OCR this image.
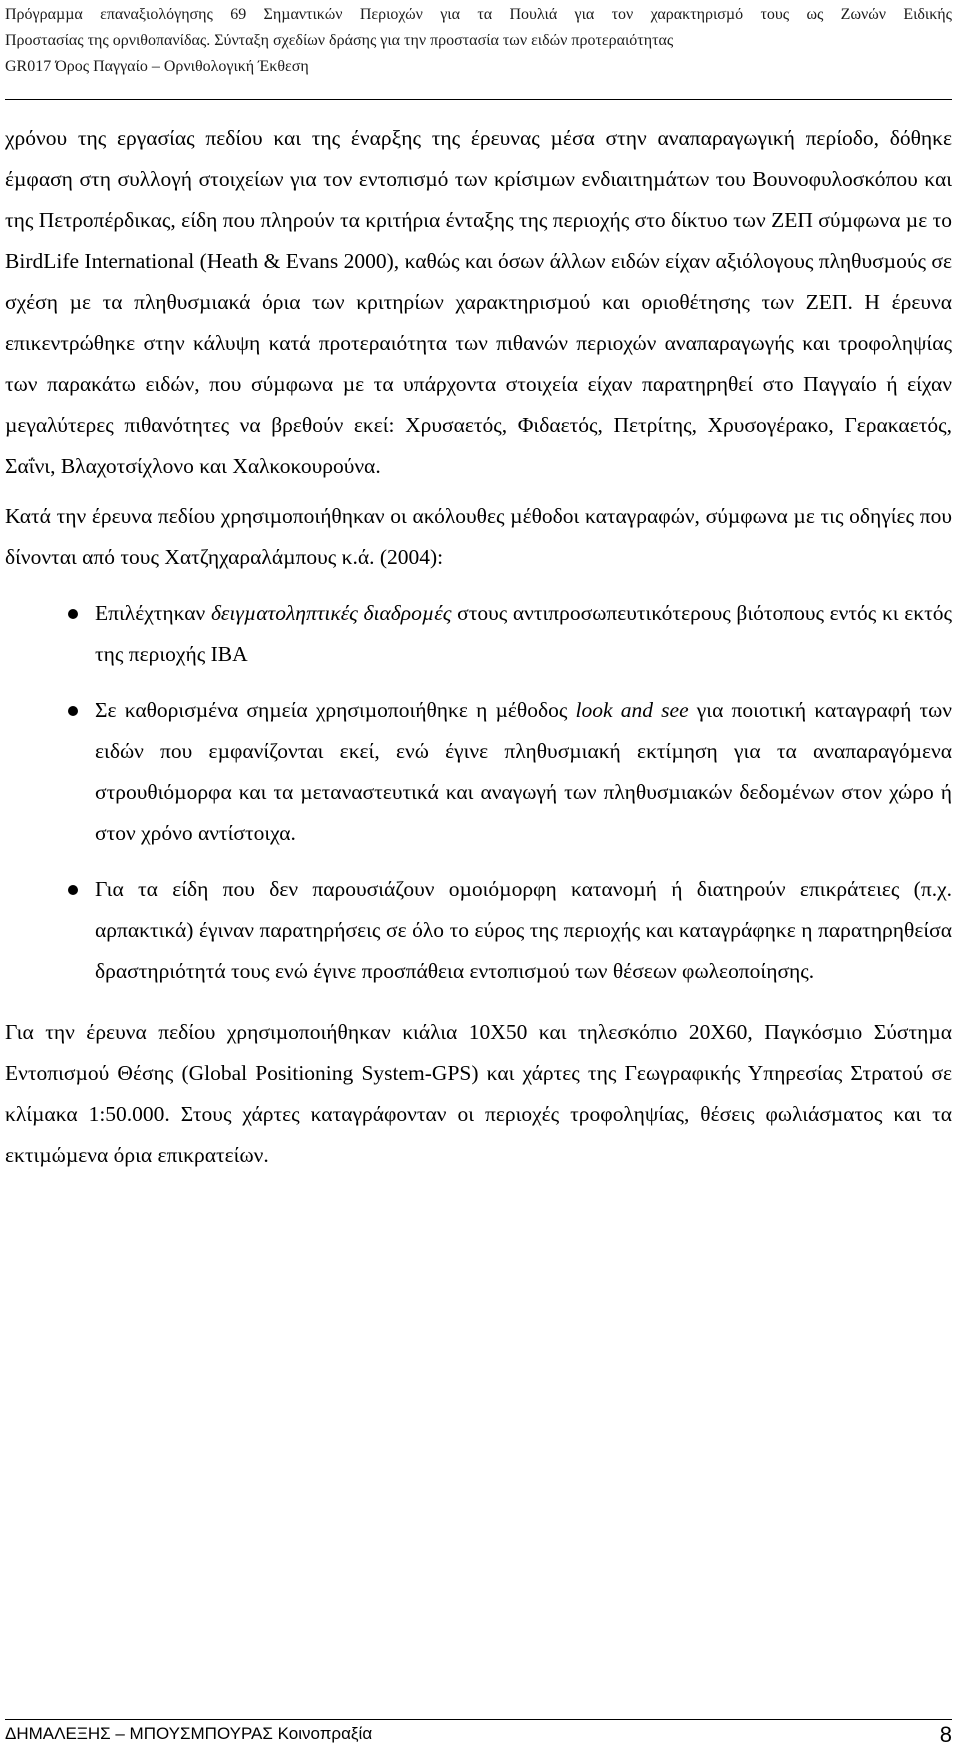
Πρόγραµµα επαναξιολόγησης 69 Σηµαντικών Περιοχών για τα Πουλιά για τον χαρακτηρισµό τους ως Ζωνών Ειδικής
Προστασίας της ορνιθοπανίδας. Σύνταξη σχεδίων δράσης για την προστασία των ειδών προτεραιότητας
GR017 Όρος Παγγαίο – Ορνιθολογική Έκθεση

χρόνου της εργασίας πεδίου και της έναρξης της έρευνας µέσα στην αναπαραγωγική περίοδο, δόθηκε έµφαση στη συλλογή στοιχείων για τον εντοπισµό των κρίσιµων ενδιαιτηµάτων του Βουνοφυλοσκόπου και της Πετροπέρδικας, είδη που πληρούν τα κριτήρια ένταξης της περιοχής στο δίκτυο των ΖΕΠ σύµφωνα µε το BirdLife International (Heath & Evans 2000), καθώς και όσων άλλων ειδών είχαν αξιόλογους πληθυσµούς σε σχέση µε τα πληθυσµιακά όρια των κριτηρίων χαρακτηρισµού και οριοθέτησης των ΖΕΠ. Η έρευνα επικεντρώθηκε στην κάλυψη κατά προτεραιότητα των πιθανών περιοχών αναπαραγωγής και τροφοληψίας των παρακάτω ειδών, που σύµφωνα µε τα υπάρχοντα στοιχεία είχαν παρατηρηθεί στο Παγγαίο ή είχαν µεγαλύτερες πιθανότητες να βρεθούν εκεί: Χρυσαετός, Φιδαετός, Πετρίτης, Χρυσογέρακο, Γερακαετός, Σαΐνι, Βλαχοτσίχλονο και Χαλκοκουρούνα.

Κατά την έρευνα πεδίου χρησιµοποιήθηκαν οι ακόλουθες µέθοδοι καταγραφών, σύµφωνα µε τις οδηγίες που δίνονται από τους Χατζηχαραλάµπους κ.ά. (2004):

Επιλέχτηκαν δειγµατοληπτικές διαδροµές στους αντιπροσωπευτικότερους βιότοπους εντός κι εκτός της περιοχής IBA
Σε καθορισµένα σηµεία χρησιµοποιήθηκε η µέθοδος look and see για ποιοτική καταγραφή των ειδών που εµφανίζονται εκεί, ενώ έγινε πληθυσµιακή εκτίµηση για τα αναπαραγόµενα στρουθιόµορφα και τα µεταναστευτικά και αναγωγή των πληθυσµιακών δεδοµένων στον χώρο ή στον χρόνο αντίστοιχα.
Για τα είδη που δεν παρουσιάζουν οµοιόµορφη κατανοµή ή διατηρούν επικράτειες (π.χ. αρπακτικά) έγιναν παρατηρήσεις σε όλο το εύρος της περιοχής και καταγράφηκε η παρατηρηθείσα δραστηριότητά τους ενώ έγινε προσπάθεια εντοπισµού των θέσεων φωλεοποίησης.

Για την έρευνα πεδίου χρησιµοποιήθηκαν κιάλια 10Χ50 και τηλεσκόπιο 20Χ60, Παγκόσµιο Σύστηµα Εντοπισµού Θέσης (Global Positioning System-GPS) και χάρτες της Γεωγραφικής Υπηρεσίας Στρατού σε κλίµακα 1:50.000. Στους χάρτες καταγράφονταν οι περιοχές τροφοληψίας, θέσεις φωλιάσµατος και τα εκτιµώµενα όρια επικρατείων.

ΔΗΜΑΛΕΞΗΣ – ΜΠΟΥΣΜΠΟΥΡΑΣ Κοινοπραξία	8
